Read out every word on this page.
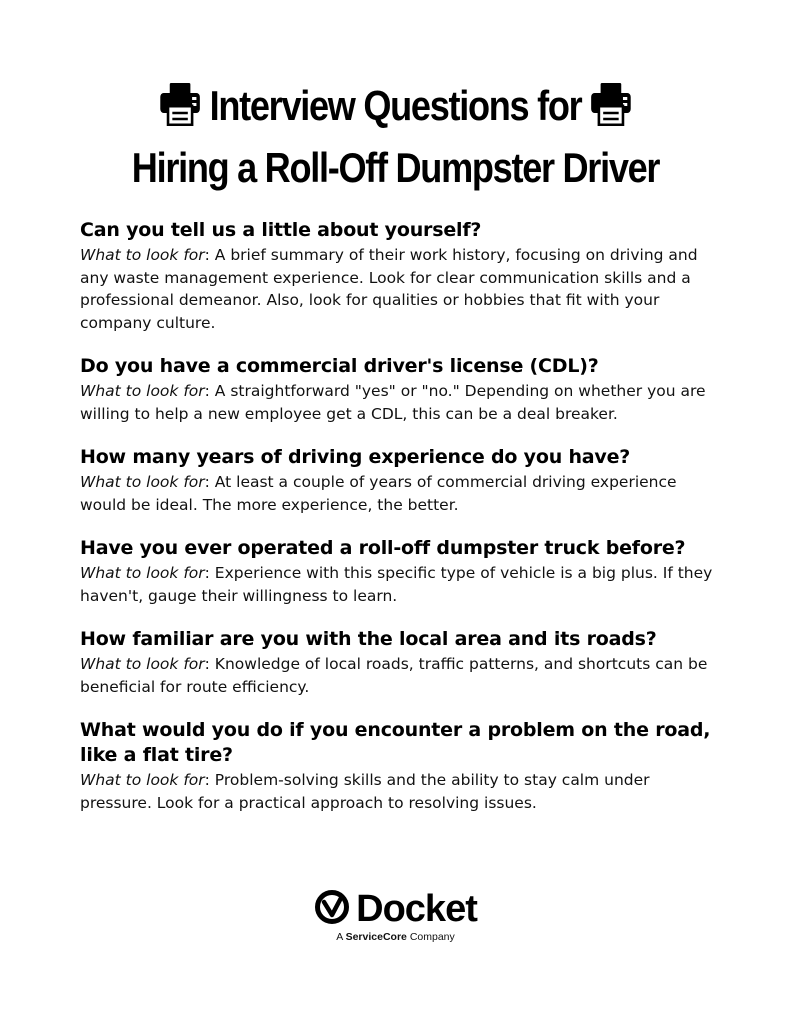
Interview Questions for
Hiring a Roll-Off Dumpster Driver
Can you tell us a little about yourself?

What to look for: A brief summary of their work history, focusing on driving and any waste management experience. Look for clear communication skills and a professional demeanor. Also, look for qualities or hobbies that fit with your company culture.

Do you have a commercial driver's license (CDL)?

What to look for: A straightforward "yes" or "no." Depending on whether you are willing to help a new employee get a CDL, this can be a deal breaker.

How many years of driving experience do you have?

What to look for: At least a couple of years of commercial driving experience would be ideal. The more experience, the better.

Have you ever operated a roll-off dumpster truck before?

What to look for: Experience with this specific type of vehicle is a big plus. If they haven't, gauge their willingness to learn.

How familiar are you with the local area and its roads?

What to look for: Knowledge of local roads, traffic patterns, and shortcuts can be beneficial for route efficiency.

What would you do if you encounter a problem on the road, like a flat tire?

What to look for: Problem-solving skills and the ability to stay calm under pressure. Look for a practical approach to resolving issues.

Docket
A ServiceCore Company
